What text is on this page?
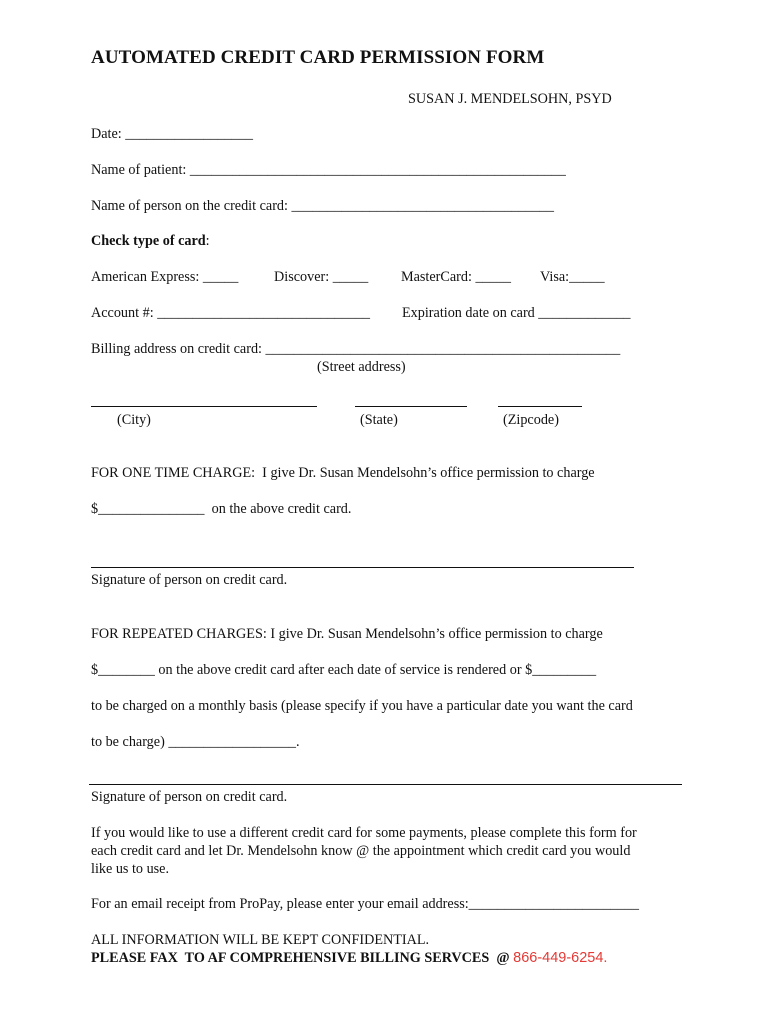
AUTOMATED CREDIT CARD PERMISSION FORM
SUSAN J. MENDELSOHN, PSYD
Date: __________________
Name of patient: _____________________________________________________
Name of person on the credit card: _____________________________________
Check type of card:
American Express: _____	Discover: _____ MasterCard: _____ Visa:_____
Account #: ______________________________ Expiration date on card _____________
Billing address on credit card: __________________________________________________
(Street address)
(City)	(State)	(Zipcode)
FOR ONE TIME CHARGE:  I give Dr. Susan Mendelsohn’s office permission to charge
$_______________  on the above credit card.
Signature of person on credit card.
FOR REPEATED CHARGES: I give Dr. Susan Mendelsohn’s office permission to charge
$________ on the above credit card after each date of service is rendered or $_________
to be charged on a monthly basis (please specify if you have a particular date you want the card
to be charge) __________________.
Signature of person on credit card.
If you would like to use a different credit card for some payments, please complete this form for
each credit card and let Dr. Mendelsohn know @ the appointment which credit card you would
like us to use.
For an email receipt from ProPay, please enter your email address:________________________
ALL INFORMATION WILL BE KEPT CONFIDENTIAL.
PLEASE FAX  TO AF COMPREHENSIVE BILLING SERVCES  @ 866-449-6254.
